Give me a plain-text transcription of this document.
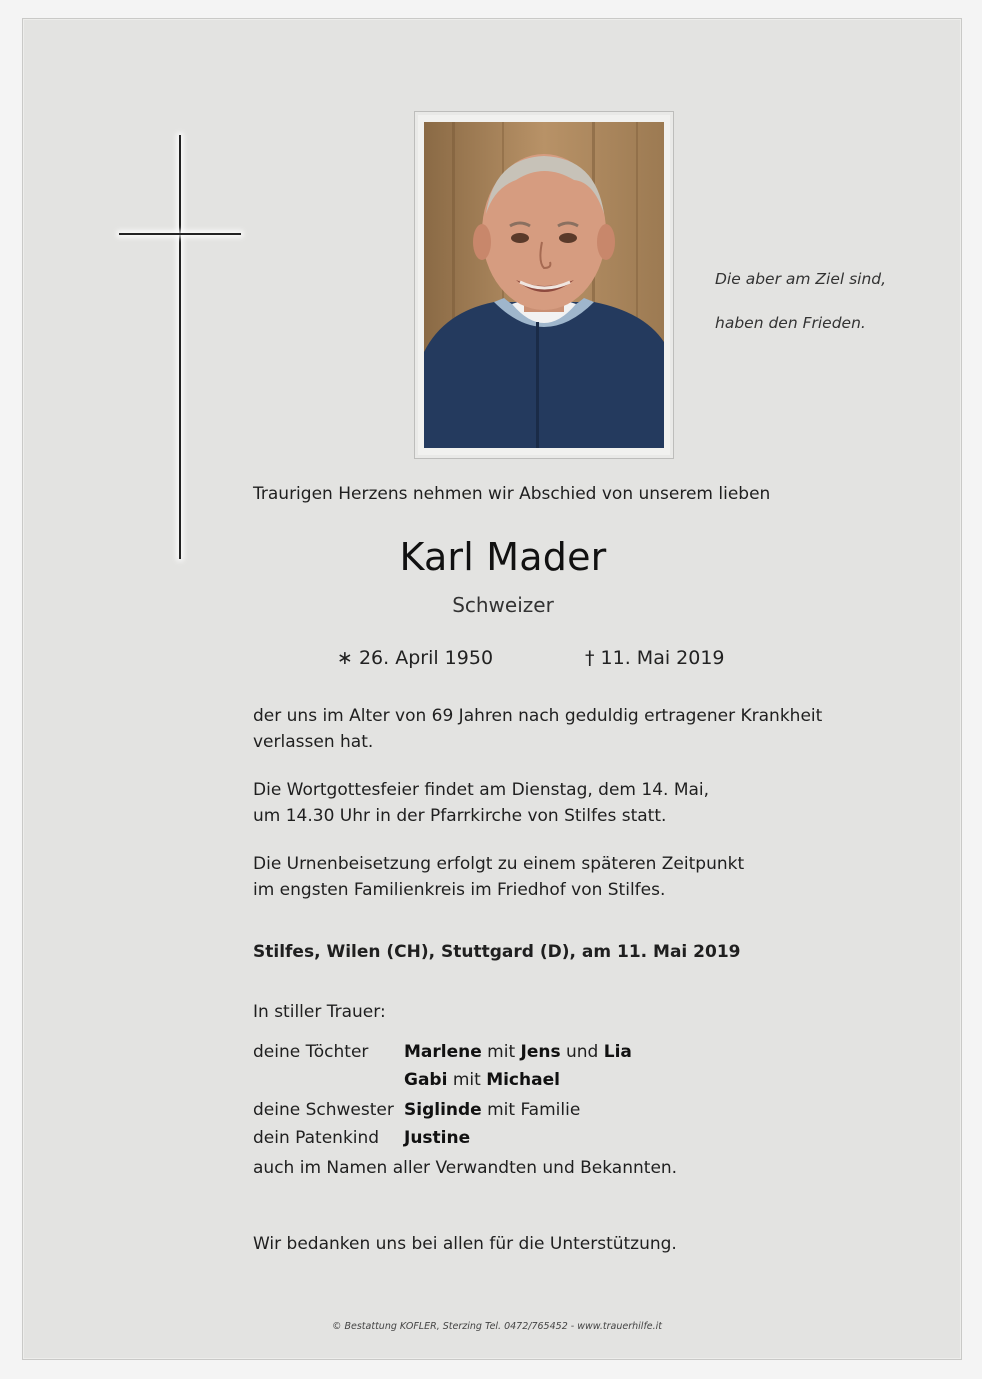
Die aber am Ziel sind,
haben den Frieden.
Traurigen Herzens nehmen wir Abschied von unserem lieben
Karl Mader
Schweizer
∗ 26. April 1950	† 11. Mai 2019
der uns im Alter von 69 Jahren nach geduldig ertragener Krankheit
verlassen hat.
Die Wortgottesfeier findet am Dienstag, dem 14. Mai,
um 14.30 Uhr in der Pfarrkirche von Stilfes statt.
Die Urnenbeisetzung erfolgt zu einem späteren Zeitpunkt
im engsten Familienkreis im Friedhof von Stilfes.
Stilfes, Wilen (CH), Stuttgard (D), am 11. Mai 2019
In stiller Trauer:
deine Töchter Marlene mit Jens und Lia
Gabi mit Michael
deine Schwester Siglinde mit Familie
dein Patenkind Justine
auch im Namen aller Verwandten und Bekannten.
Wir bedanken uns bei allen für die Unterstützung.
© Bestattung KOFLER, Sterzing Tel. 0472/765452 - www.trauerhilfe.it
